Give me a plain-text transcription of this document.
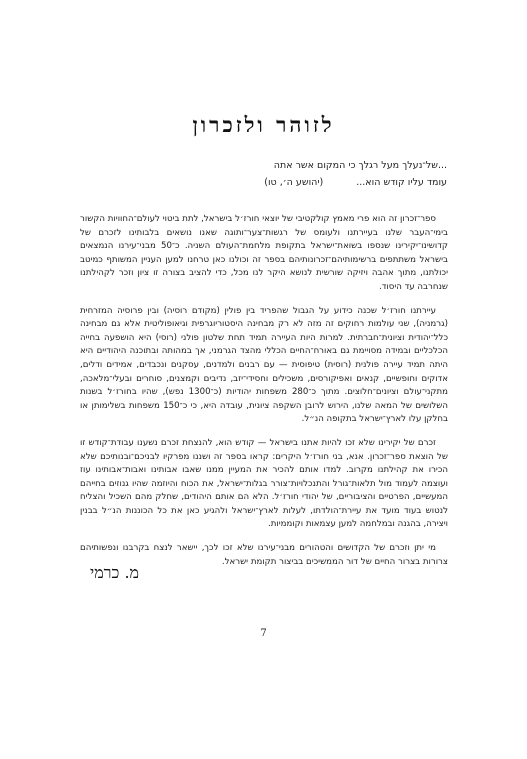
לזוהר ולזכרון
...של־נעלך מעל רגלך כי המקום אשר אתה
עומד עליו קודש הוא... (יהושע ה׳, טו)

ספר־זכרון זה הוא פרי מאמץ קולקטיבי של יוצאי חורז׳ל בישראל, לתת ביטוי לעולם־החוויות הקשור בימי־העבר שלנו בעיירתנו ולעומס של רגשות־צער־ותוגה שאנו נושאים בלבותינו לזכרם של קדושינו־יקירינו שנספו בשואת־ישראל בתקופת מלחמת־העולם השניה. כ־50 מבני־עירנו הנמצאים בישראל משתתפים ברשימותיהם־זכרונותיהם בספר זה וכולנו כאן טרחנו למען העניין המשותף כמיטב יכולתנו, מתוך אהבה ויזיקה שורשית לנושא היקר לנו מכל, כדי להציב בצורה זו ציון וזכר לקהילתנו שנחרבה עד היסוד.

עיירתנו חורז׳ל שכנה כידוע על הגבול שהפריד בין פולין (מקודם רוסיה) ובין פרוסיה המזרחית (גרמניה), שני עולמות רחוקים זה מזה לא רק מבחינה היסטוריוגרפית וגיאופוליטית אלא גם מבחינה כלל־יהודית וציונית־חברתית. למרות היות העיירה תמיד תחת שלטון פולני (רוסי) היא הושפעה בחייה הכלכליים ובמידה מסויימת גם באורח־החיים הכללי מהצד הגרמני, אך במהותה ובתוכנה היהודיים היא היתה תמיד עיירה פולנית (רוסית) טיפוסית — עם רבנים ולמדנים, עסקנים ונכבדים, אמידים ודלים, אדוקים וחופשיים, קנאים ואפיקורסים, משכילים וחסידי־יזב, נדיבים וקמצנים, סוחרים ובעלי־מלאכה, מתקני־עולם וציונים־חלוצים. מתוך כ־280 משפחות יהודיות (כ־1300 נפש), שהיו בחורז׳ל בשנות השלושים של המאה שלנו, הירוש לרובן השקפה ציונית, עובדה היא, כי כ־150 משפחות בשלימותן או בחלקן עלו לארץ־ישראל בתקופה הנ״ל.

זכרם של יקירינו שלא זכו להיות אתנו בישראל — קודש הוא, להנצחת זכרם נשענו עבודת־קודש זו של הוצאת ספר־זכרון. אנא, בני חורז׳ל היקרים: קראו בספר זה ושננו מפרקיו לבניכם־ובנותיכם שלא הכירו את קהילתנו מקרוב. למדו אותם להכיר את המעיין ממנו שאבו אבותינו ואבות־אבותינו עוז ועוצמה לעמוד מול תלאות־גורל והתנכלויות־צורר בגלות־ישראל, את הכוח והיוזמה שהיו גנוזים בחייהם המעשיים, הפרטיים והציבוריים, של יהודי חורז׳ל. הלא הם אותם היהודים, שחלק מהם השכיל והצליח לנטוש בעוד מועד את עיירת־הולדתו, לעלות לארץ־ישראל ולהגיע כאן את כל הכוננות הנ״ל בבנין ויצירה, בהגנה ובמלחמה למען עצמאות וקוממיות.

מי יתן וזכרם של הקדושים והטהורים מבני־עירנו שלא זכו לכך, יישאר לנצח בקרבנו ונפשותיהם צרורות בצרור החיים של דור הממשיכים בביצור תקומת ישראל.

מ. כרמי
7
